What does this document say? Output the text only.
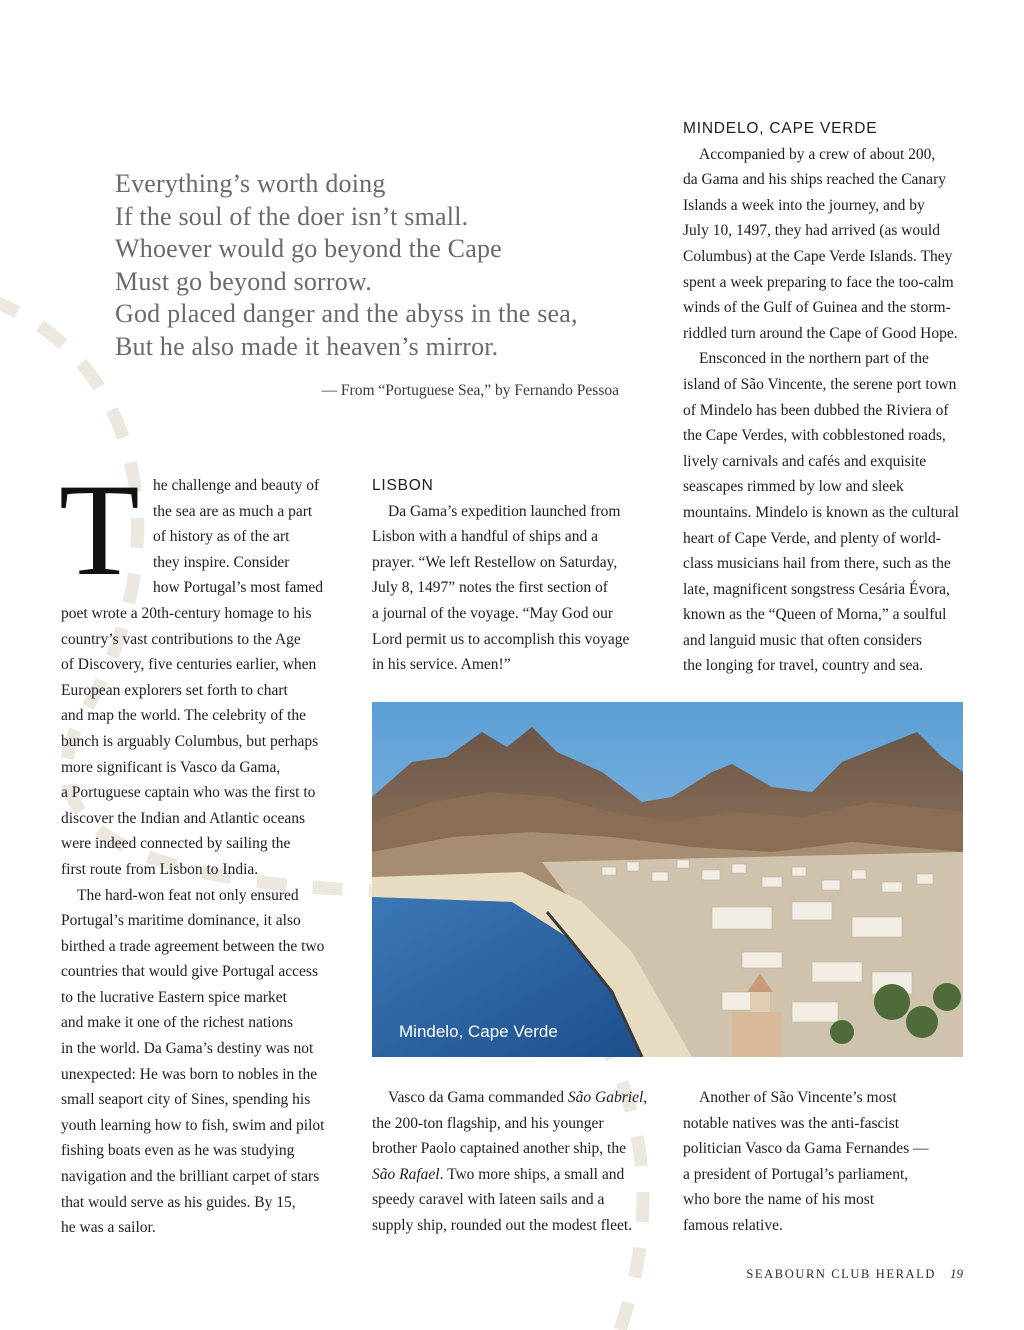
Everything’s worth doing
If the soul of the doer isn’t small.
Whoever would go beyond the Cape
Must go beyond sorrow.
God placed danger and the abyss in the sea,
But he also made it heaven’s mirror.
— From “Portuguese Sea,” by Fernando Pessoa
T he challenge and beauty of
the sea are as much a part
of history as of the art
they inspire. Consider
how Portugal’s most famed
poet wrote a 20th-century homage to his
country’s vast contributions to the Age
of Discovery, five centuries earlier, when
European explorers set forth to chart
and map the world. The celebrity of the
bunch is arguably Columbus, but perhaps
more significant is Vasco da Gama,
a Portuguese captain who was the first to
discover the Indian and Atlantic oceans
were indeed connected by sailing the
first route from Lisbon to India.
The hard-won feat not only ensured
Portugal’s maritime dominance, it also
birthed a trade agreement between the two
countries that would give Portugal access
to the lucrative Eastern spice market
and make it one of the richest nations
in the world. Da Gama’s destiny was not
unexpected: He was born to nobles in the
small seaport city of Sines, spending his
youth learning how to fish, swim and pilot
fishing boats even as he was studying
navigation and the brilliant carpet of stars
that would serve as his guides. By 15,
he was a sailor.
LISBON
Da Gama’s expedition launched from
Lisbon with a handful of ships and a
prayer. “We left Restellow on Saturday,
July 8, 1497” notes the first section of
a journal of the voyage. “May God our
Lord permit us to accomplish this voyage
in his service. Amen!”
MINDELO, CAPE VERDE
Accompanied by a crew of about 200,
da Gama and his ships reached the Canary
Islands a week into the journey, and by
July 10, 1497, they had arrived (as would
Columbus) at the Cape Verde Islands. They
spent a week preparing to face the too-calm
winds of the Gulf of Guinea and the storm-
riddled turn around the Cape of Good Hope.
Ensconced in the northern part of the
island of São Vincente, the serene port town
of Mindelo has been dubbed the Riviera of
the Cape Verdes, with cobblestoned roads,
lively carnivals and cafés and exquisite
seascapes rimmed by low and sleek
mountains. Mindelo is known as the cultural
heart of Cape Verde, and plenty of world-
class musicians hail from there, such as the
late, magnificent songstress Cesária Évora,
known as the “Queen of Morna,” a soulful
and languid music that often considers
the longing for travel, country and sea.
Mindelo, Cape Verde
Vasco da Gama commanded São Gabriel,
the 200-ton flagship, and his younger
brother Paolo captained another ship, the
São Rafael. Two more ships, a small and
speedy caravel with lateen sails and a
supply ship, rounded out the modest fleet.
Another of São Vincente’s most
notable natives was the anti-fascist
politician Vasco da Gama Fernandes —
a president of Portugal’s parliament,
who bore the name of his most
famous relative.
SEABOURN CLUB HERALD 19
